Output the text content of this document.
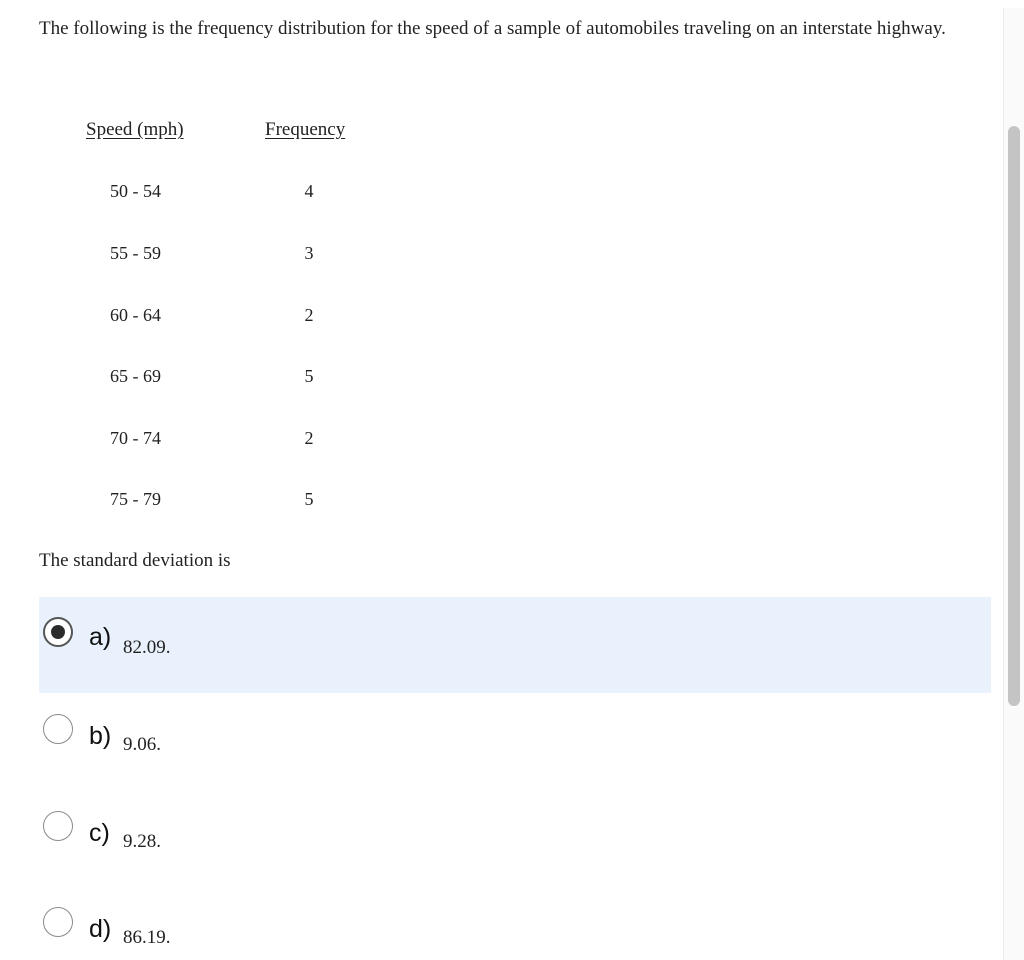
The following is the frequency distribution for the speed of a sample of automobiles traveling on an interstate highway.

Speed (mph)	Frequency
50 - 54	4
55 - 59	3
60 - 64	2
65 - 69	5
70 - 74	2
75 - 79	5
The standard deviation is
a) 82.09.
b) 9.06.
c) 9.28.
d) 86.19.
